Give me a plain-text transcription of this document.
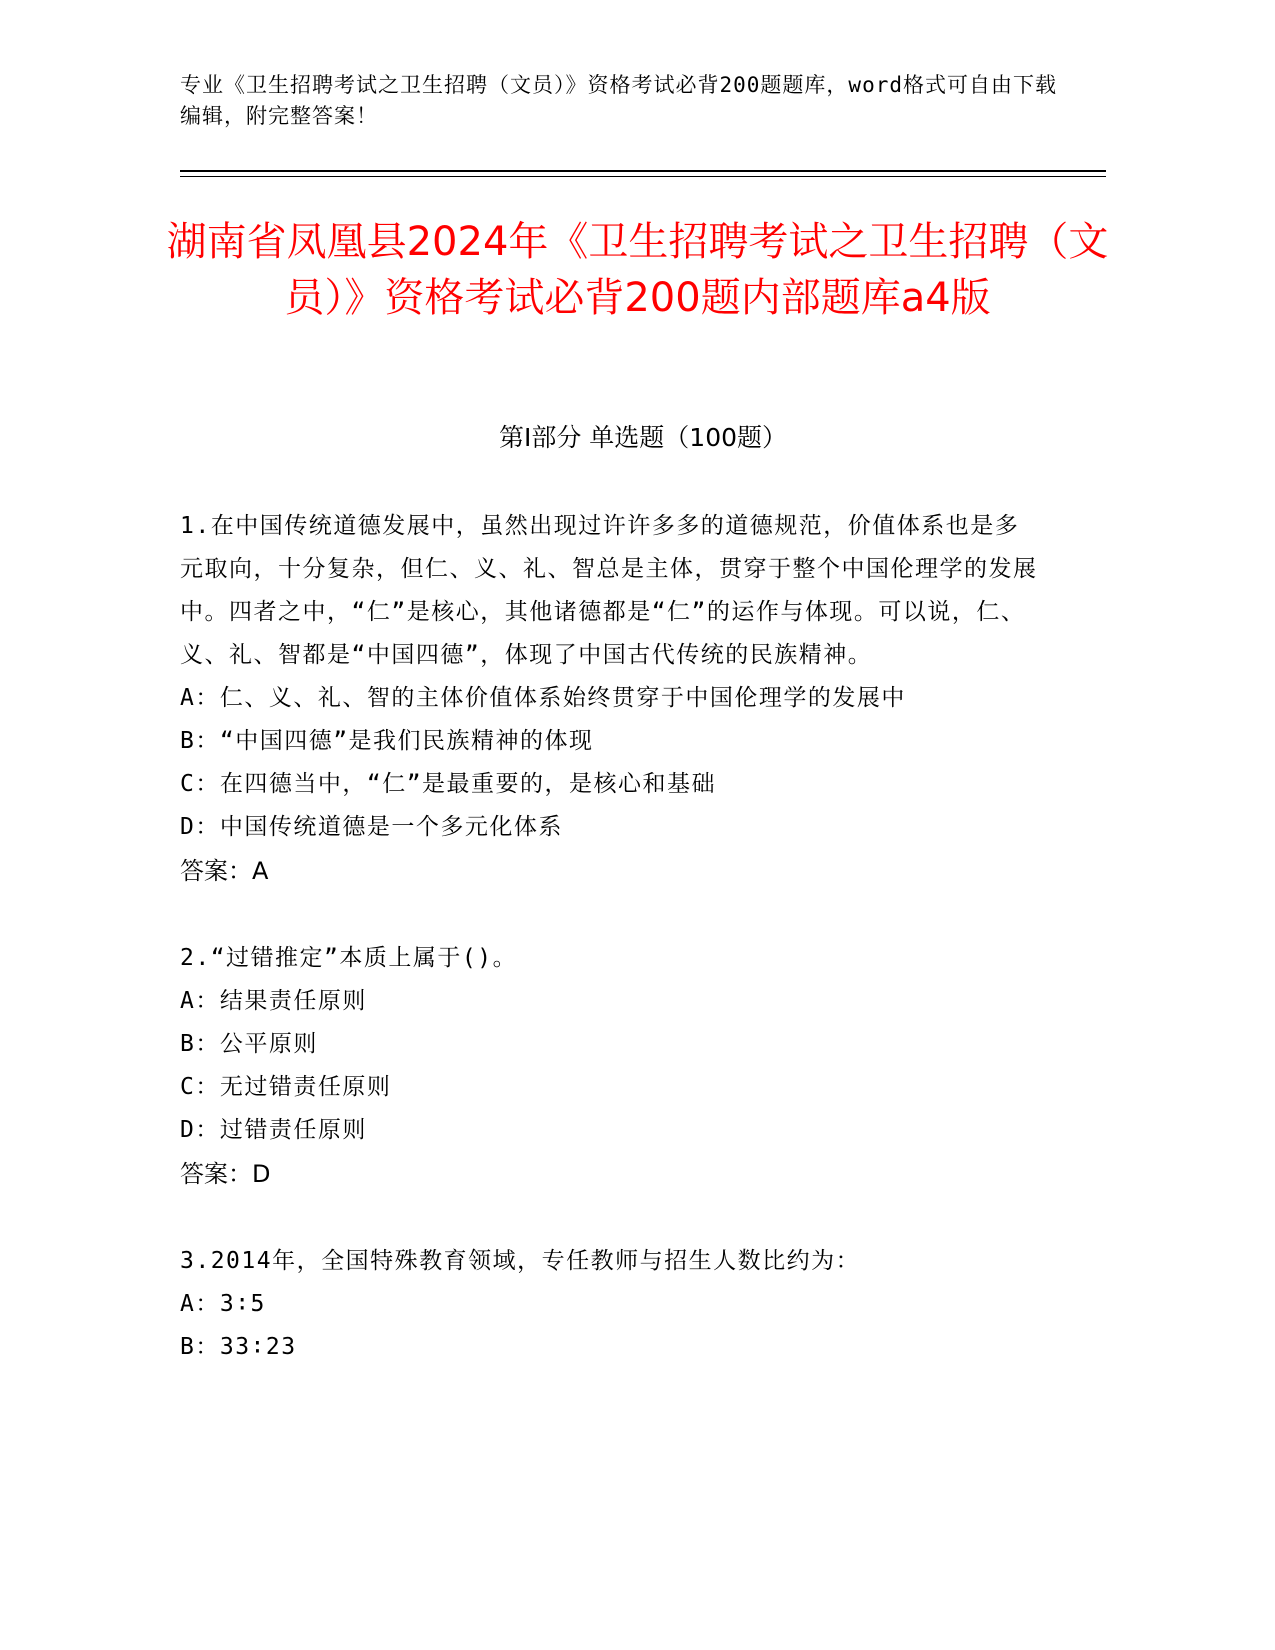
专业《卫生招聘考试之卫生招聘（文员）》资格考试必背200题题库，word格式可自由下载编辑，附完整答案！
湖南省凤凰县2024年《卫生招聘考试之卫生招聘（文员）》资格考试必背200题内部题库a4版
第I部分 单选题（100题）
1.在中国传统道德发展中，虽然出现过许许多多的道德规范，价值体系也是多元取向，十分复杂，但仁、义、礼、智总是主体，贯穿于整个中国伦理学的发展中。四者之中，“仁”是核心，其他诸德都是“仁”的运作与体现。可以说，仁、义、礼、智都是“中国四德”，体现了中国古代传统的民族精神。
A：仁、义、礼、智的主体价值体系始终贯穿于中国伦理学的发展中
B：“中国四德”是我们民族精神的体现
C：在四德当中，“仁”是最重要的，是核心和基础
D：中国传统道德是一个多元化体系
答案：A
2.“过错推定”本质上属于()。
A：结果责任原则
B：公平原则
C：无过错责任原则
D：过错责任原则
答案：D
3.2014年，全国特殊教育领域，专任教师与招生人数比约为：
A：3∶5
B：33∶23
